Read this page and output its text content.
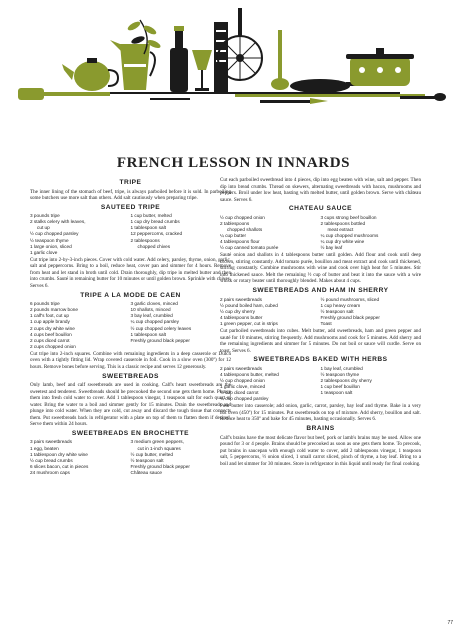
FRENCH LESSON IN INNARDS
TRIPE
The inner lining of the stomach of beef, tripe, is always parboiled before it is sold. In parboiling some butchers use more salt than others. Add salt cautiously when preparing tripe.
SAUTEED TRIPE
3 pounds tripe
2 stalks celery with leaves,
cut up
½ cup chopped parsley
½ teaspoon thyme
1 large onion, sliced
1 garlic clove
1 cup butter, melted
1 cup dry bread crumbs
1 tablespoon salt
12 peppercorns, cracked
2 tablespoons
chopped chives
Cut tripe into 2-by-3-inch pieces. Cover with cold water. Add celery, parsley, thyme, onion, garlic, salt and peppercorns. Bring to a boil, reduce heat, cover pan and simmer for 4 hours. Remove from heat and let stand in broth until cold. Drain thoroughly, dip tripe in melted butter and then into crumbs. Sauté in remaining butter for 10 minutes or until golden brown. Sprinkle with chives. Serves 6.
TRIPE A LA MODE DE CAEN
6 pounds tripe
2 pounds marrow bone
1 calf's foot, cut up
1 cup apple brandy
2 cups dry white wine
4 cups beef bouillon
2 cups diced carrot
2 cups chopped onion
3 garlic cloves, minced
10 shallots, minced
3 bay leaf, crumbled
¼ cup chopped parsley
½ cup chopped celery leaves
1 tablespoon salt
Freshly ground black pepper
Cut tripe into 2-inch squares. Combine with remaining ingredients in a deep casserole or Dutch oven with a tightly fitting lid. Wrap covered casserole in foil. Cook in a slow oven (300º) for 12 hours. Remove bones before serving. This is a classic recipe and serves 12 generously.
SWEETBREADS
Only lamb, beef and calf sweetbreads are used in cooking. Calf's heart sweetbreads are the sweetest and tenderest. Sweetbreads should be precooked the second one gets them home. Plunge them into fresh cold water to cover. Add 1 tablespoon vinegar, 1 teaspoon salt for each quart of water. Bring the water to a boil and simmer gently for 15 minutes. Drain the sweetbreads and plunge into cold water. When they are cold, cut away and discard the tough tissue that connects them. Put sweetbreads back in refrigerator with a plate on top of them to flatten them if desired. Serve them within 24 hours.
SWEETBREADS EN BROCHETTE
3 pairs sweetbreads
1 egg, beaten
1 tablespoon dry white wine
½ cup bread crumbs
6 slices bacon, cut in pieces
24 mushroom caps
3 medium green peppers,
cut in 1-inch squares
½ cup butter, melted
½ teaspoon salt
Freshly ground black pepper
Château sauce
Cut each parboiled sweetbread into 4 pieces, dip into egg beaten with wine, salt and pepper. Then dip into bread crumbs. Thread on skewers, alternating sweetbreads with bacon, mushrooms and peppers. Broil under low heat, basting with melted butter, until golden brown. Serve with château sauce. Serves 6.
CHATEAU SAUCE
½ cup chopped onion
2 tablespoons
chopped shallots
¼ cup butter
4 tablespoons flour
½ cup canned tomato purée
3 cups strong beef bouillon
2 tablespoons bottled
meat extract
¼ cup chopped mushrooms
¼ cup dry white wine
½ bay leaf
Sauté onion and shallots in 4 tablespoons butter until golden. Add flour and cook until deep brown, stirring constantly. Add tomato purée, bouillon and meat extract and cook until thickened, stirring constantly. Combine mushrooms with wine and cook over high heat for 5 minutes. Stir into thickened sauce. Melt the remaining ½ cup of butter and beat it into the sauce with a wire whisk or rotary beater until thoroughly blended. Makes about 4 cups.
SWEETBREADS AND HAM IN SHERRY
2 pairs sweetbreads
½ pound boiled ham, cubed
½ cup dry sherry
4 tablespoons butter
1 green pepper, cut in strips
½ pound mushrooms, sliced
1 cup heavy cream
½ teaspoon salt
Freshly ground black pepper
Toast
Cut parboiled sweetbreads into cubes. Melt butter, add sweetbreads, ham and green pepper and sauté for 10 minutes, stirring frequently. Add mushrooms and cook for 5 minutes. Add sherry and the remaining ingredients and simmer for 5 minutes. Do not boil or sauce will curdle. Serve on toast. Serves 6.
SWEETBREADS BAKED WITH HERBS
2 pairs sweetbreads
4 tablespoons butter, melted
½ cup chopped onion
1 garlic clove, minced
½ cup diced carrot
¼ cup chopped parsley
1 bay leaf, crumbled
½ teaspoon thyme
2 tablespoons dry sherry
1 cup beef bouillon
1 teaspoon salt
Pour butter into casserole; add onion, garlic, carrot, parsley, bay leaf and thyme. Bake in a very hot oven (450º) for 15 minutes. Put sweetbreads on top of mixture. Add sherry, bouillon and salt. Reduce heat to 350º and bake for 45 minutes, basting occasionally. Serves 6.
BRAINS
Calf's brains have the most delicate flavor but beef, pork or lamb's brains may be used. Allow one pound for 3 or 4 people. Brains should be precooked as soon as one gets them home. To precook, put brains in saucepan with enough cold water to cover, add 2 tablespoons vinegar, 1 teaspoon salt, 5 peppercorns, ½ onion sliced, 1 small carrot sliced, pinch of thyme, a bay leaf. Bring to a boil and let simmer for 30 minutes. Store in refrigerator in this liquid until ready for final cooking.
77
